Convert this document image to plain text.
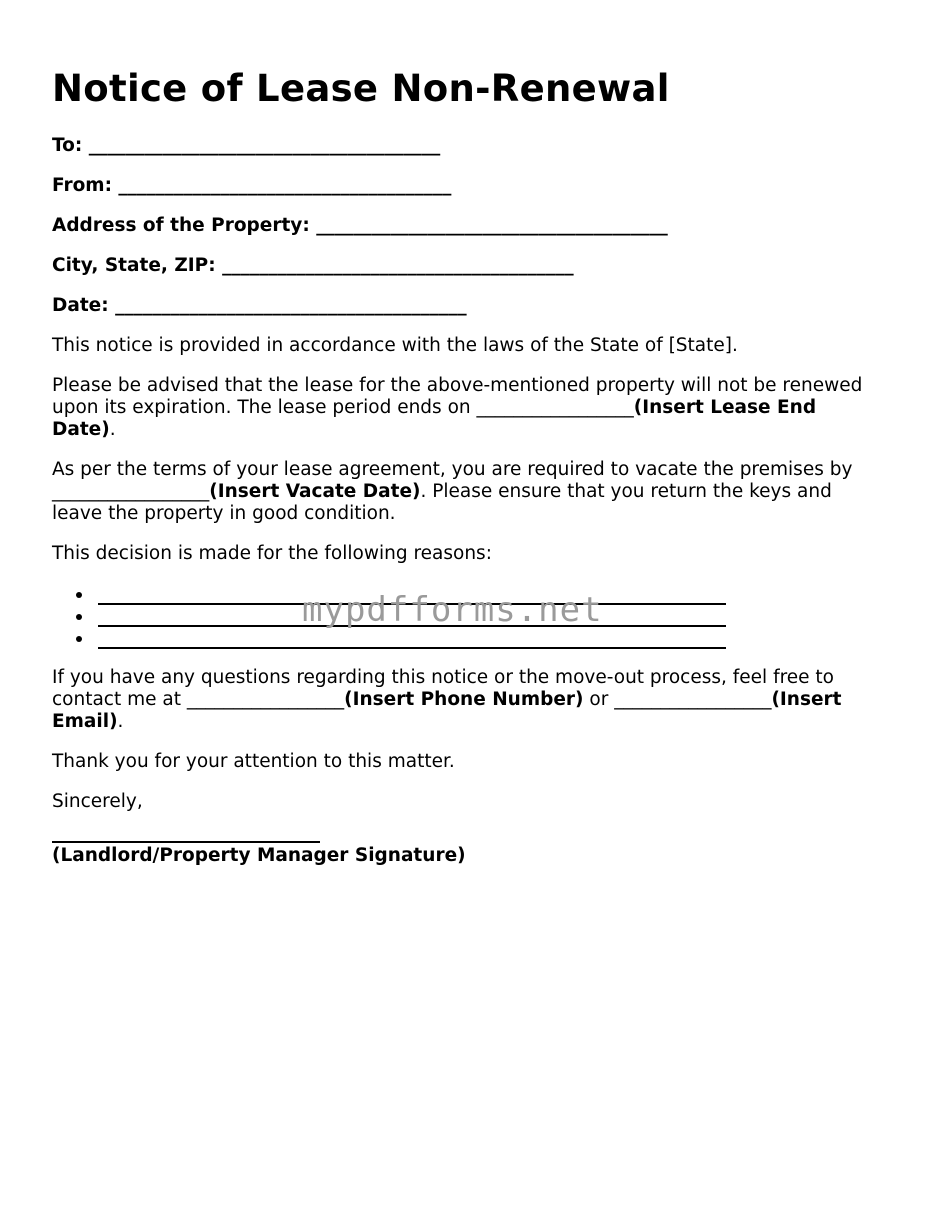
Notice of Lease Non-Renewal
To: ______________________________________
From: ____________________________________
Address of the Property: ______________________________________
City, State, ZIP: ______________________________________
Date: ______________________________________

This notice is provided in accordance with the laws of the State of [State].

Please be advised that the lease for the above-mentioned property will not be renewed upon its expiration. The lease period ends on _________________(Insert Lease End Date).

As per the terms of your lease agreement, you are required to vacate the premises by _________________(Insert Vacate Date). Please ensure that you return the keys and leave the property in good condition.

This decision is made for the following reasons:

If you have any questions regarding this notice or the move-out process, feel free to contact me at _________________(Insert Phone Number) or _________________(Insert Email).

Thank you for your attention to this matter.

Sincerely,

(Landlord/Property Manager Signature)
mypdfforms.net
